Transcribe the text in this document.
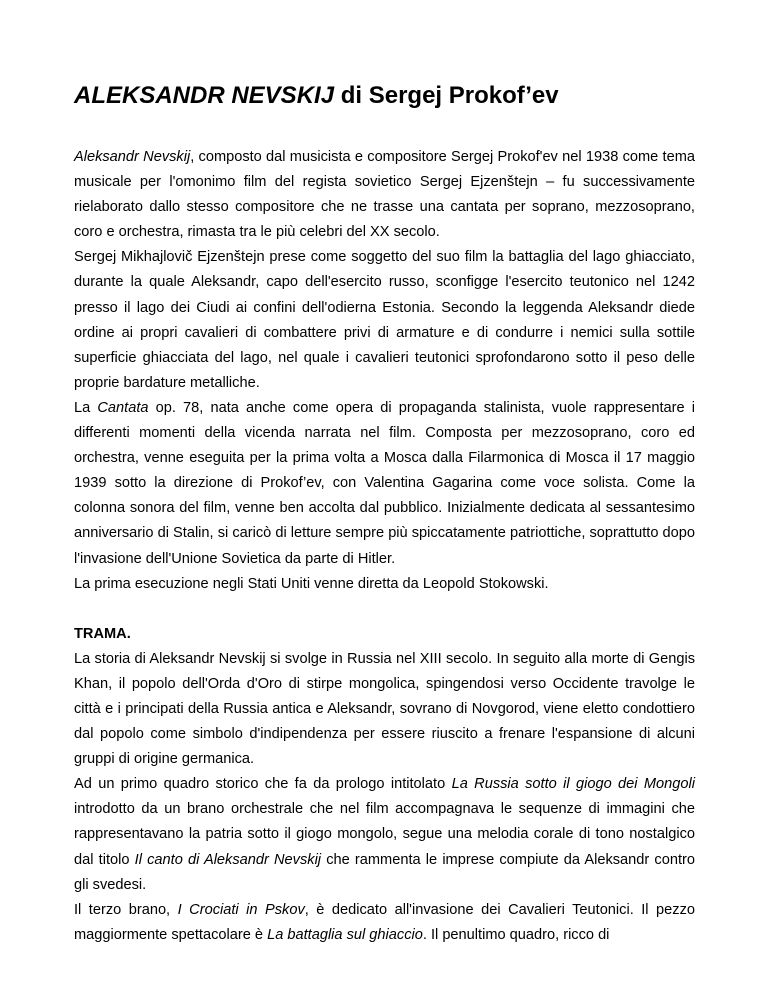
ALEKSANDR NEVSKIJ di Sergej Prokof’ev

Aleksandr Nevskij, composto dal musicista e compositore Sergej Prokof'ev nel 1938 come tema musicale per l'omonimo film del regista sovietico Sergej Ejzenštejn – fu successivamente rielaborato dallo stesso compositore che ne trasse una cantata per soprano, mezzosoprano, coro e orchestra, rimasta tra le più celebri del XX secolo.

Sergej Mikhajlovič Ejzenštejn prese come soggetto del suo film la battaglia del lago ghiacciato, durante la quale Aleksandr, capo dell'esercito russo, sconfigge l'esercito teutonico nel 1242 presso il lago dei Ciudi ai confini dell'odierna Estonia. Secondo la leggenda Aleksandr diede ordine ai propri cavalieri di combattere privi di armature e di condurre i nemici sulla sottile superficie ghiacciata del lago, nel quale i cavalieri teutonici sprofondarono sotto il peso delle proprie bardature metalliche.

La Cantata op. 78, nata anche come opera di propaganda stalinista, vuole rappresentare i differenti momenti della vicenda narrata nel film. Composta per mezzosoprano, coro ed orchestra, venne eseguita per la prima volta a Mosca dalla Filarmonica di Mosca il 17 maggio 1939 sotto la direzione di Prokof’ev, con Valentina Gagarina come voce solista. Come la colonna sonora del film, venne ben accolta dal pubblico. Inizialmente dedicata al sessantesimo anniversario di Stalin, si caricò di letture sempre più spiccatamente patriottiche, soprattutto dopo l'invasione dell'Unione Sovietica da parte di Hitler.

La prima esecuzione negli Stati Uniti venne diretta da Leopold Stokowski.

TRAMA.

La storia di Aleksandr Nevskij si svolge in Russia nel XIII secolo. In seguito alla morte di Gengis Khan, il popolo dell'Orda d'Oro di stirpe mongolica, spingendosi verso Occidente travolge le città e i principati della Russia antica e Aleksandr, sovrano di Novgorod, viene eletto condottiero dal popolo come simbolo d'indipendenza per essere riuscito a frenare l'espansione di alcuni gruppi di origine germanica.

Ad un primo quadro storico che fa da prologo intitolato La Russia sotto il giogo dei Mongoli introdotto da un brano orchestrale che nel film accompagnava le sequenze di immagini che rappresentavano la patria sotto il giogo mongolo, segue una melodia corale di tono nostalgico dal titolo Il canto di Aleksandr Nevskij che rammenta le imprese compiute da Aleksandr contro gli svedesi.

Il terzo brano, I Crociati in Pskov, è dedicato all'invasione dei Cavalieri Teutonici. Il pezzo maggiormente spettacolare è La battaglia sul ghiaccio. Il penultimo quadro, ricco di
